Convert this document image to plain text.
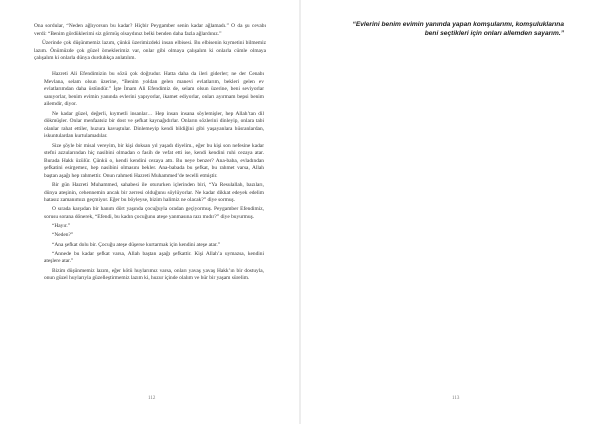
Ona sordular, “Neden ağlıyorsun bu kadar? Hiçbir Peygamber senin kadar ağlamadı.” O da şu cevabı verdi: “Benim gördüklerimi siz görmüş olsaydınız belki benden daha fazla ağlardınız.”

Üzerinde çok düşünmemiz lazım, çünkü üzerimizdeki insan elbisesi. Bu elbisenin kıymetini bilmemiz lazım. Önümüzde çok güzel örneklerimiz var, onlar gibi olmaya çalışalım ki onlarla cümle olmaya çalışalım ki onlarla dünya durduhkça anlatılım.

“Evlerini benim evimin yanında yapan komşularımı, komşuluklarına beni seçtikleri için onları allemden sayarım.”

Hazreti Ali Efendimizin bu sözü çok doğrudur. Hatta daha da ileri giderler; ne der Cenabı Mevlana, selam olsun üzerine, “Benim yoldan gelen manevi evlatlarım, bekleri gelen ev evlatlarımdan daha üstündür.” İşte İmam Ali Efendimiz de, selam olsun üzerine, beni seviyorlar sanıyorlar, benim evimin yanında evlerini yapıyorlar, ikamet ediyorlar, onları ayırmam bepsi benim ailemdir, diyor.

Ne kadar güzel, değerli, kıymetli insanlar… Hep insan insana söylemişler, hep Allah’tan dil dökmüşler. Onlar menfaatsiz bir dost ve şefkat kaynağıdırlar. Onların sözlerini dinleyip, onlara tabi olanlar rahat ettiler, huzura kavuştular. Dinlemeyip kendi bildiğini gibi yaşayanlara hüsranlardan, iskuntulardan kurtulamadılar.

Size şöyle bir misal vereyim, bir kişi doksan yıl yaşadı diyelim., eğer bu kişi son nefesine kadar stefni azzularından hiç nasibini olmadan o fasih de vefat etti ise, kendi kendini ruhi cezaya atar. Burada Hakk üzülür. Çünkü o, kendi kendini cezaya attı. Bu neye benzer? Ana-baba, evladından şefkatini esirgemez, hep nasibini olmasını bekler. Ana-babada bu şefkat, bu rahmet varsa, Allah baştan aşağı hep rahmettir. Onun rahmeti Hazreti Muhammed’de tecelli etmiştir.

Bir gün Hazreti Muhammed, sahabesi ile otururken içlerinden biri, “Ya Resulallah, bazıları, dünya ateşinin, cehennemin ancak bir zerresi olduğunu söylüyorlar. Ne kadar dikkat edeyek edelim hatasız zamanımızı geçmiyor. Eğer bu böyleyse, bizim halimiz ne olacak?” diye sormuş.

O sırada karşıdan bir hanım dört yaşında çocuğuyla oradan geçiyormuş. Peygamber Efendimiz, sorusu sorana dönerek, “Efendi, bu kadın çocuğunu ateşe yanmasına razı mıdır?” diye buyurmuş.

“Hayır.”

“Neden?”

“Ana şefkat dolu bir. Çocuğu ateşe düşerse kurtarmak için kendini ateşe atar.”

“Annede bu kadar şefkat varsa, Allah baştan aşağı şefkattir. Kişi Allah’a uymazsa, kendini ateşlere atar.”

Bizim düşünmemiz lazım, eğer kötü huylarımız varsa, onları yavaş yavaş Hakk’ın bir dostuyla, onun güzel huylarıyla güzelleştirmemiz lazım ki, huzur içinde olalım ve hür bir yaşam sürelim.

112	113
